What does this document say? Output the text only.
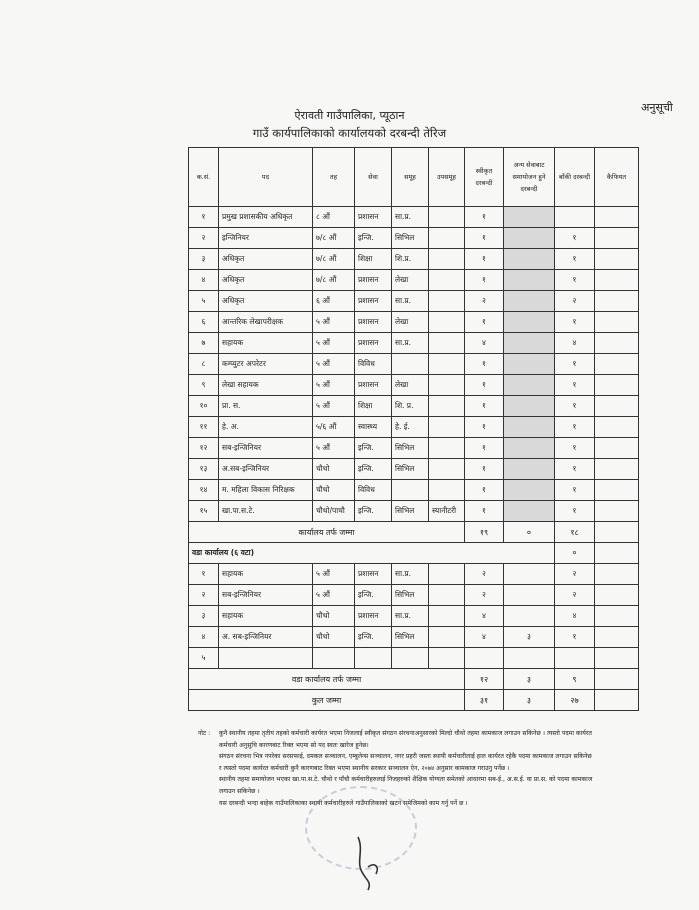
अनुसूची
ऐरावती गाउँपालिका, प्यूठान
गाउँ कार्यपालिकाको कार्यालयको दरबन्दी तेरिज
क.सं.	पद	तह	सेवा	समूह	उपसमूह	स्वीकृत दरबन्दी	अन्य सेवाबाट समायोजन हुने दरबन्दी	बाँकी दरबन्दी	कैफियत
१	प्रमुख प्रशासकीय अधिकृत	८ औं	प्रशासन	सा.प्र.		१			
२	इन्जिनियर	७/८ औं	इन्जि.	सिभिल		१		१	
३	अधिकृत	७/८ औं	शिक्षा	शि.प्र.		१		१	
४	अधिकृत	७/८ औं	प्रशासन	लेखा		१		१	
५	अधिकृत	६ औं	प्रशासन	सा.प्र.		२		२	
६	आन्तरिक लेखापरीक्षक	५ औं	प्रशासन	लेखा		१		१	
७	सहायक	५ औं	प्रशासन	सा.प्र.		४		४	
८	कम्प्युटर अपरेटर	५ औं	विविध			१		१	
९	लेखा सहायक	५ औं	प्रशासन	लेखा		१		१	
१०	प्रा. स.	५ औं	शिक्षा	शि. प्र.		१		१	
११	हे. अ.	५/६ औं	स्वास्थ्य	हे. ई.		१		१	
१२	सब-इन्जिनियर	५ औं	इन्जि.	सिभिल		१		१	
१३	अ.सब-इन्जिनियर	चौथो	इन्जि.	सिभिल		१		१	
१४	म. महिला विकास निरिक्षक	चौथो	विविध			१		१	
१५	खा.पा.स.टे.	चौथो/पाचौ	इन्जि.	सिभिल	स्यानीटरी	१		१	
कार्यालय तर्फ जम्मा						१९	०	१८	
वडा कार्यालय (६ वटा)								०	
१	सहायक	५ औं	प्रशासन	सा.प्र.		२		२	
२	सब-इन्जिनियर	५ औं	इन्जि.	सिभिल		२		२	
३	सहायक	चौथो	प्रशासन	सा.प्र.		४		४	
४	अ. सब-इन्जिनियर	चौथो	इन्जि.	सिभिल		४	३	१	
५									
वडा कार्यालय तर्फ जम्मा						१२	३	९	
कुल जम्मा						३१	३	२७	
नोट : कुनै स्थानीय तहमा तृतीय तहको कर्मचारी कार्यरत भएमा निजलाई स्वीकृत संगठन संरचनाअनुसारको मिल्दो चौथो तहमा कामकाज लगाउन सकिनेछ । त्यस्तो पदमा कार्यरत कर्मचारी अनुसुचि कारणबाट रिक्त भएमा सो पद स्वतः खारेज हुनेछ।

संगठन संरचना भित्र नपरेका सरसफाई, दमकल सञ्चालन, एम्बुलेन्स सञ्चालन, नगर प्रहरी जस्ता स्थायी कर्मचारीलाई हाल कार्यरत रहेकै पदमा कामकाज लगाउन सकिनेछ र त्यस्तो पदमा कार्यरत कर्मचारी कुनै कारणबाट रिक्त भएमा स्थानीय सरकार सञ्चालन ऐन, २०७४ अनुसार कामकाज गराउनु पर्नेछ ।

स्थानीय तहमा समायोजन भएका खा.पा.स.टे. चौथो र पाँचौ कर्मचारीहरुलाई निजहरुको शैक्षिक योग्यता समेतको आधारमा सब-ई., अ.स.ई. वा प्रा.स. को पदमा कामकाज लगाउन सकिनेछ ।

यस दरबन्दी भन्दा बाहेक गाउँपालिकाका स्थायी कर्मचारीहरुले गाउँपालिकाको खटन समेजिमको काम गर्नु पर्ने छ ।
